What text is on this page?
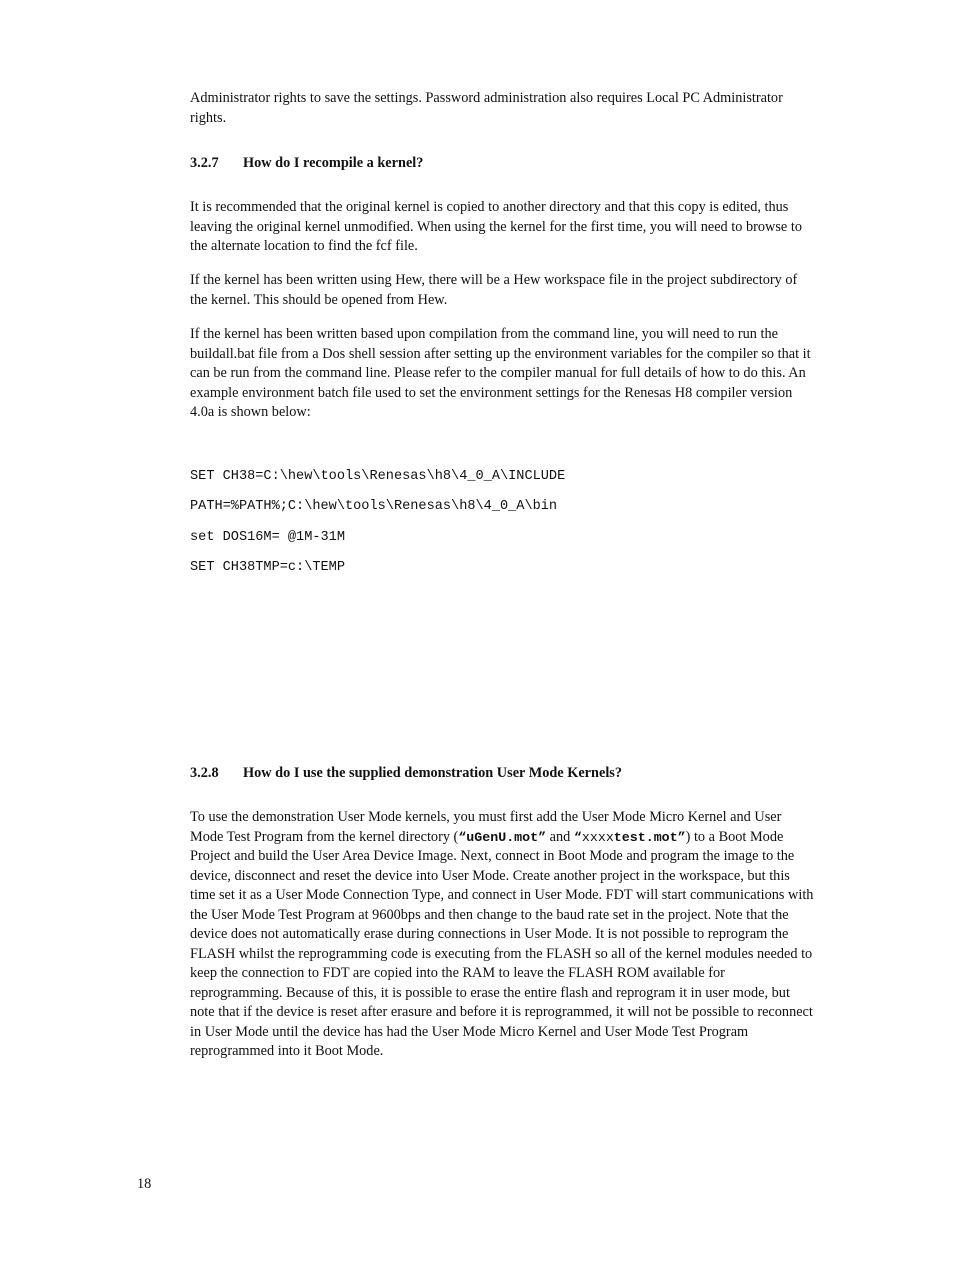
Administrator rights to save the settings. Password administration also requires Local PC Administrator rights.

3.2.7 How do I recompile a kernel?

It is recommended that the original kernel is copied to another directory and that this copy is edited, thus leaving the original kernel unmodified. When using the kernel for the first time, you will need to browse to the alternate location to find the fcf file.

If the kernel has been written using Hew, there will be a Hew workspace file in the project subdirectory of the kernel. This should be opened from Hew.

If the kernel has been written based upon compilation from the command line, you will need to run the buildall.bat file from a Dos shell session after setting up the environment variables for the compiler so that it can be run from the command line. Please refer to the compiler manual for full details of how to do this. An example environment batch file used to set the environment settings for the Renesas H8 compiler version 4.0a is shown below:

SET CH38=C:\hew\tools\Renesas\h8\4_0_A\INCLUDE
PATH=%PATH%;C:\hew\tools\Renesas\h8\4_0_A\bin
set DOS16M= @1M-31M
SET CH38TMP=c:\TEMP
3.2.8 How do I use the supplied demonstration User Mode Kernels?

To use the demonstration User Mode kernels, you must first add the User Mode Micro Kernel and User Mode Test Program from the kernel directory (“uGenU.mot” and “xxxxtest.mot”) to a Boot Mode Project and build the User Area Device Image. Next, connect in Boot Mode and program the image to the device, disconnect and reset the device into User Mode. Create another project in the workspace, but this time set it as a User Mode Connection Type, and connect in User Mode. FDT will start communications with the User Mode Test Program at 9600bps and then change to the baud rate set in the project. Note that the device does not automatically erase during connections in User Mode. It is not possible to reprogram the FLASH whilst the reprogramming code is executing from the FLASH so all of the kernel modules needed to keep the connection to FDT are copied into the RAM to leave the FLASH ROM available for reprogramming. Because of this, it is possible to erase the entire flash and reprogram it in user mode, but note that if the device is reset after erasure and before it is reprogrammed, it will not be possible to reconnect in User Mode until the device has had the User Mode Micro Kernel and User Mode Test Program reprogrammed into it Boot Mode.

18
